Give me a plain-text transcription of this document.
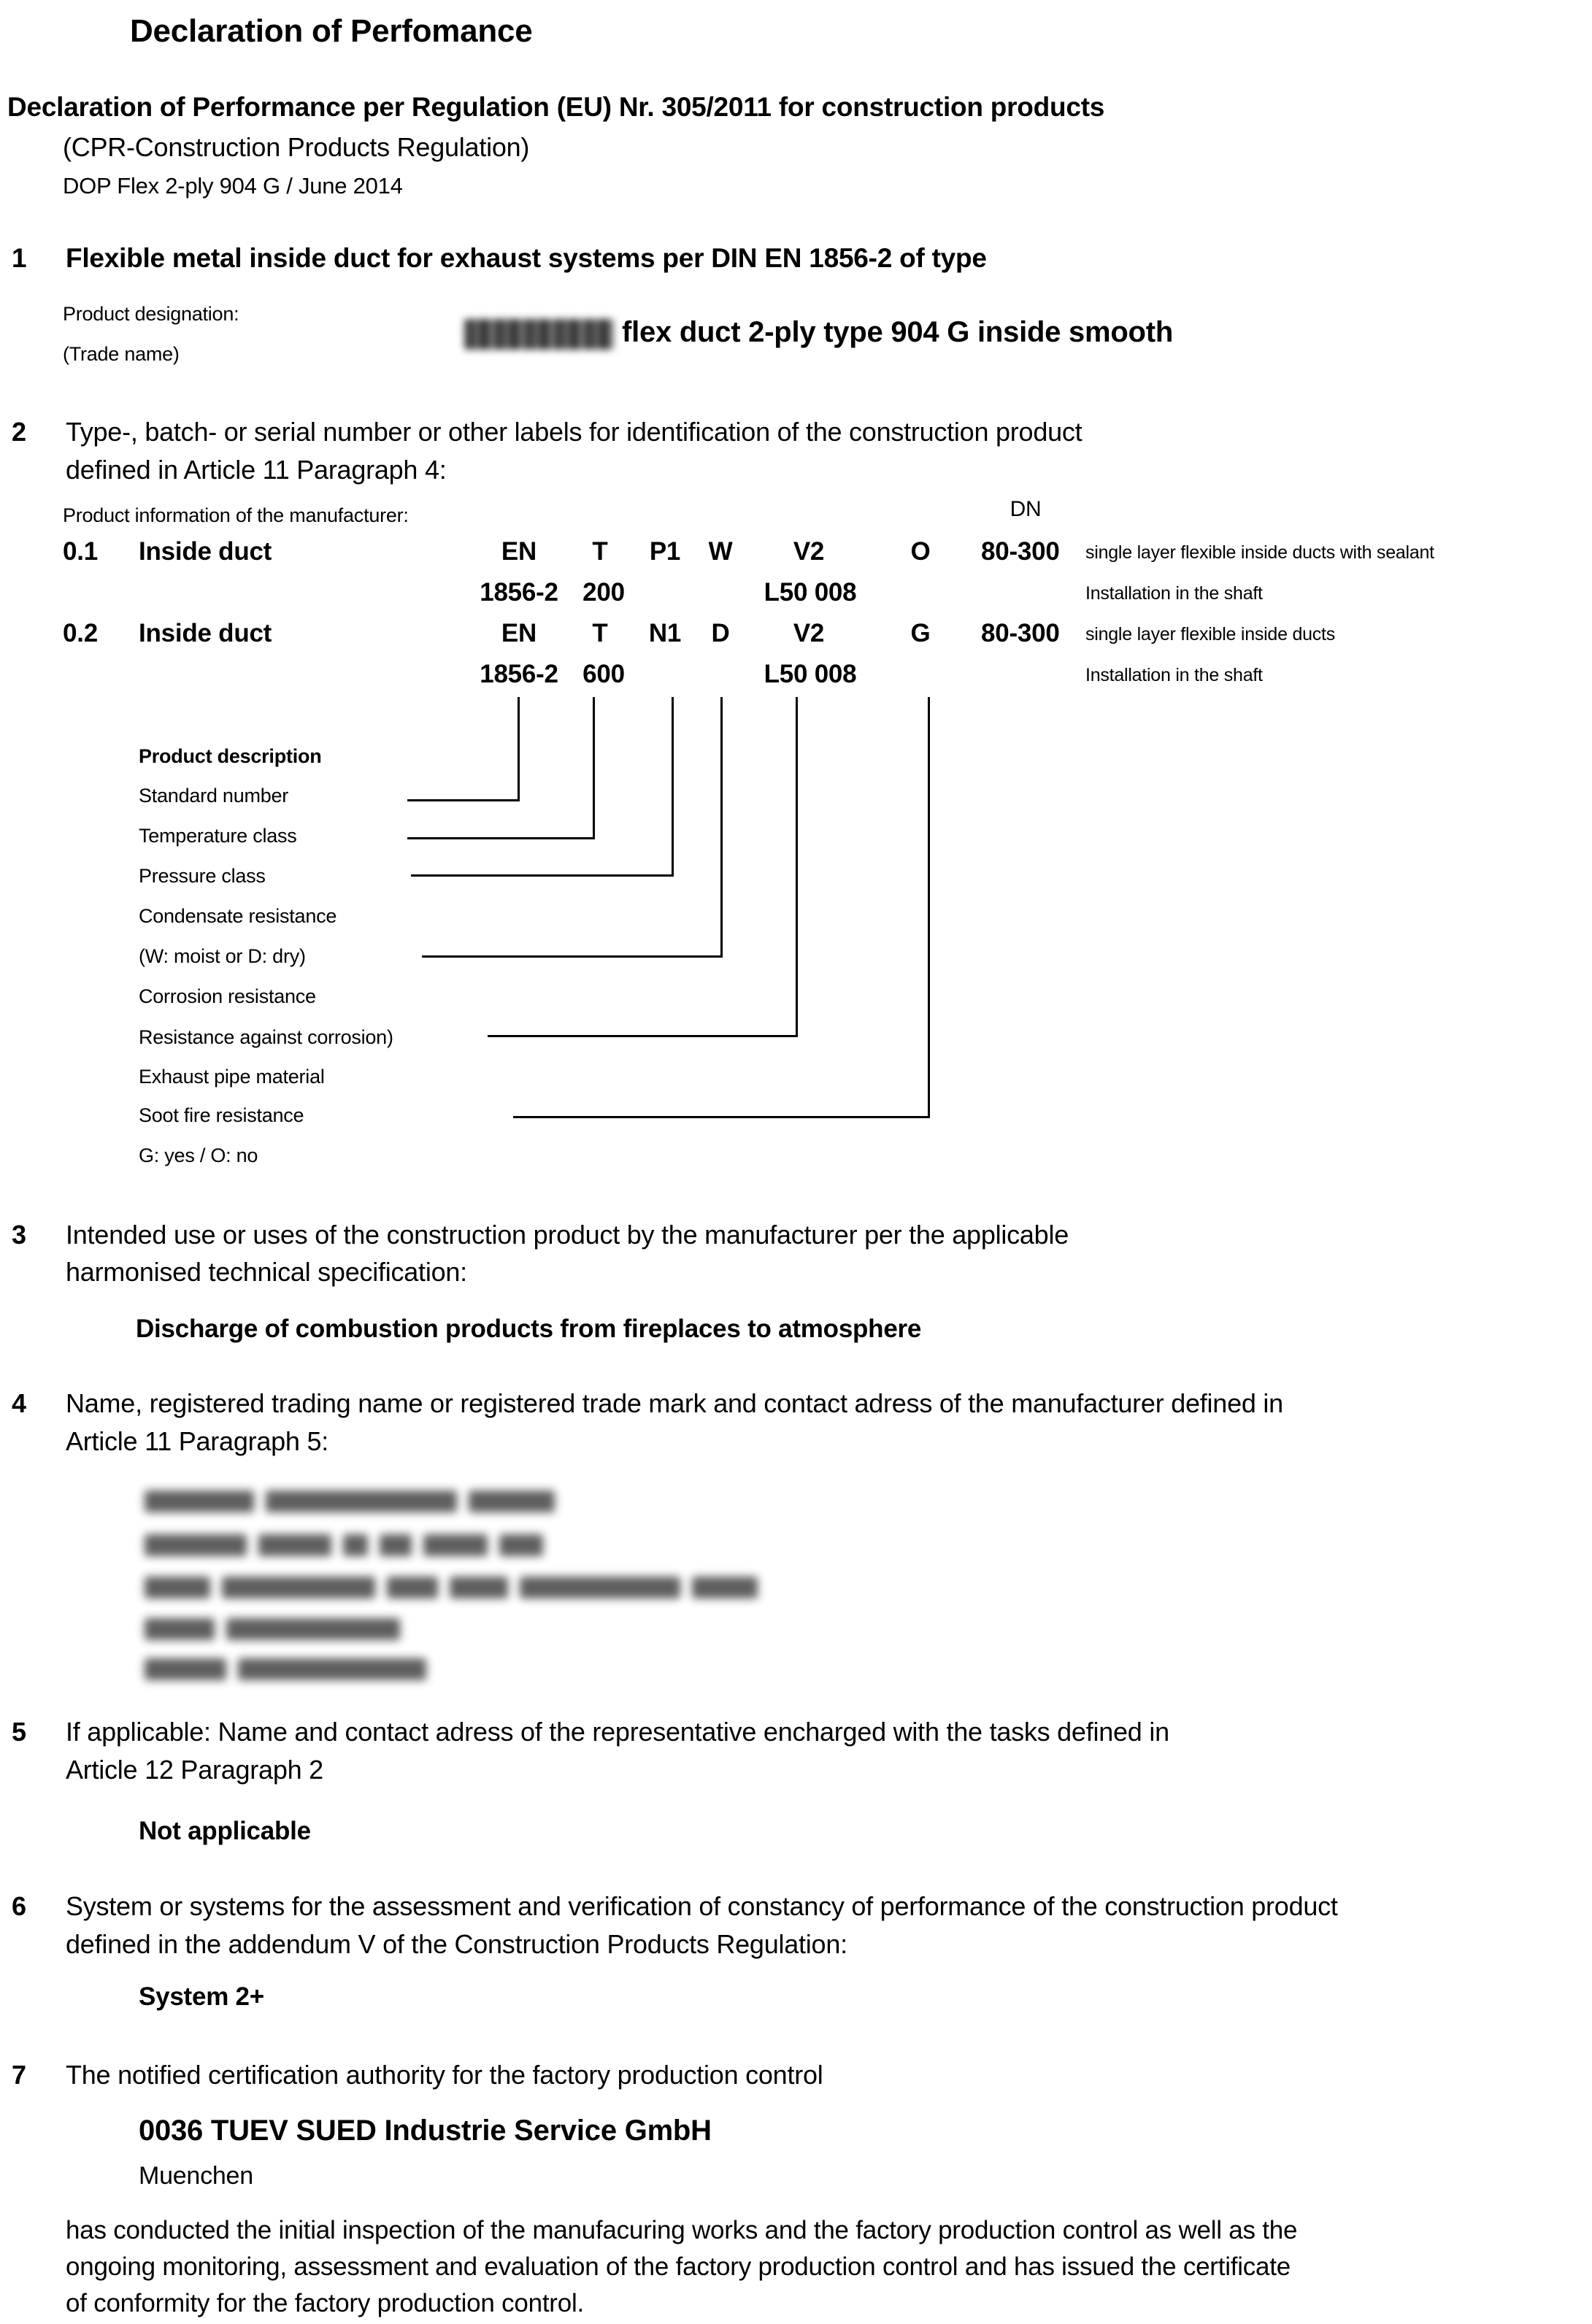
Declaration of Perfomance
Declaration of Performance per Regulation (EU) Nr. 305/2011 for construction products
(CPR-Construction Products Regulation)
DOP Flex 2-ply 904 G / June 2014
1 Flexible metal inside duct for exhaust systems per DIN EN 1856-2 of type
Product designation:
(Trade name)
flex duct 2-ply type 904 G inside smooth
2 Type-, batch- or serial number or other labels for identification of the construction product
defined in Article 11 Paragraph 4:
Product information of the manufacturer:	DN
0.1 Inside duct	EN T P1 W V2	O 80-300 single layer flexible inside ducts with sealant
1856-2 200	L50 008	Installation in the shaft
0.2 Inside duct	EN T N1 D V2	G 80-300 single layer flexible inside ducts
1856-2 600	L50 008	Installation in the shaft
Product description
Standard number
Temperature class
Pressure class
Condensate resistance
(W: moist or D: dry)
Corrosion resistance
Resistance against corrosion)
Exhaust pipe material
Soot fire resistance
G: yes / O: no
3 Intended use or uses of the construction product by the manufacturer per the applicable
harmonised technical specification:
Discharge of combustion products from fireplaces to atmosphere
4 Name, registered trading name or registered trade mark and contact adress of the manufacturer defined in
Article 11 Paragraph 5:
5 If applicable: Name and contact adress of the representative encharged with the tasks defined in
Article 12 Paragraph 2
Not applicable
6 System or systems for the assessment and verification of constancy of performance of the construction product
defined in the addendum V of the Construction Products Regulation:
System 2+
7 The notified certification authority for the factory production control
0036 TUEV SUED Industrie Service GmbH
Muenchen
has conducted the initial inspection of the manufacuring works and the factory production control as well as the
ongoing monitoring, assessment and evaluation of the factory production control and has issued the certificate
of conformity for the factory production control.
